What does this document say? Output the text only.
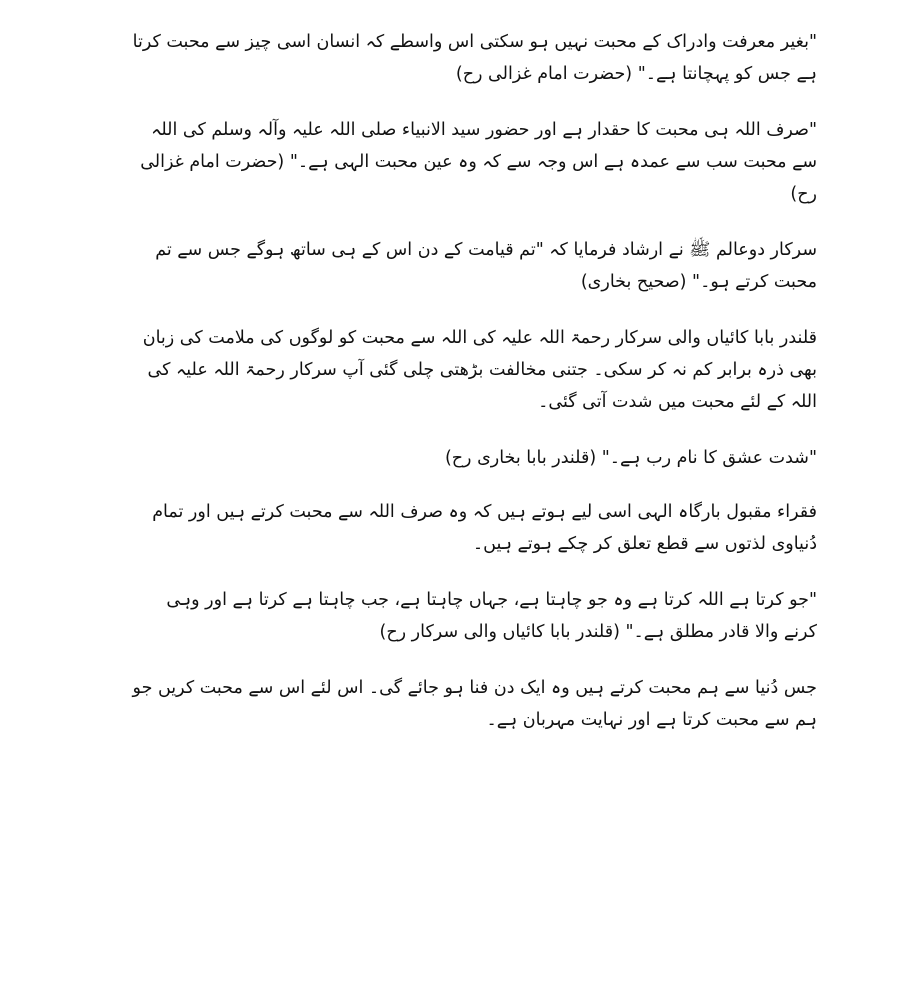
"بغیر معرفت وادراک کے محبت نہیں ہو سکتی اس واسطے کہ انسان اسی چیز سے محبت کرتا ہے جس کو پہچانتا ہے۔" (حضرت امام غزالی رح)

"صرف اللہ ہی محبت کا حقدار ہے اور حضور سید الانبیاء صلی اللہ علیہ وآلہ وسلم کی اللہ سے محبت سب سے عمدہ ہے اس وجہ سے کہ وہ عین محبت الہی ہے۔" (حضرت امام غزالی رح)

سرکار دوعالم ﷺ نے ارشاد فرمایا کہ "تم قیامت کے دن اس کے ہی ساتھ ہوگے جس سے تم محبت کرتے ہو۔" (صحیح بخاری)

قلندر بابا کائیاں والی سرکار رحمۃ اللہ علیہ کی اللہ سے محبت کو لوگوں کی ملامت کی زبان بھی ذرہ برابر کم نہ کر سکی۔ جتنی مخالفت بڑھتی چلی گئی آپ سرکار رحمۃ اللہ علیہ کی اللہ کے لئے محبت میں شدت آتی گئی۔

"شدت عشق کا نام رب ہے۔" (قلندر بابا بخاری رح)

فقراء مقبول بارگاہ الہی اسی لیے ہوتے ہیں کہ وہ صرف اللہ سے محبت کرتے ہیں اور تمام دُنیاوی لذتوں سے قطع تعلق کر چکے ہوتے ہیں۔

"جو کرتا ہے اللہ کرتا ہے وہ جو چاہتا ہے، جہاں چاہتا ہے، جب چاہتا ہے کرتا ہے اور وہی کرنے والا قادر مطلق ہے۔" (قلندر بابا کائیاں والی سرکار رح)

جس دُنیا سے ہم محبت کرتے ہیں وہ ایک دن فنا ہو جائے گی۔ اس لئے اس سے محبت کریں جو ہم سے محبت کرتا ہے اور نہایت مہربان ہے۔
